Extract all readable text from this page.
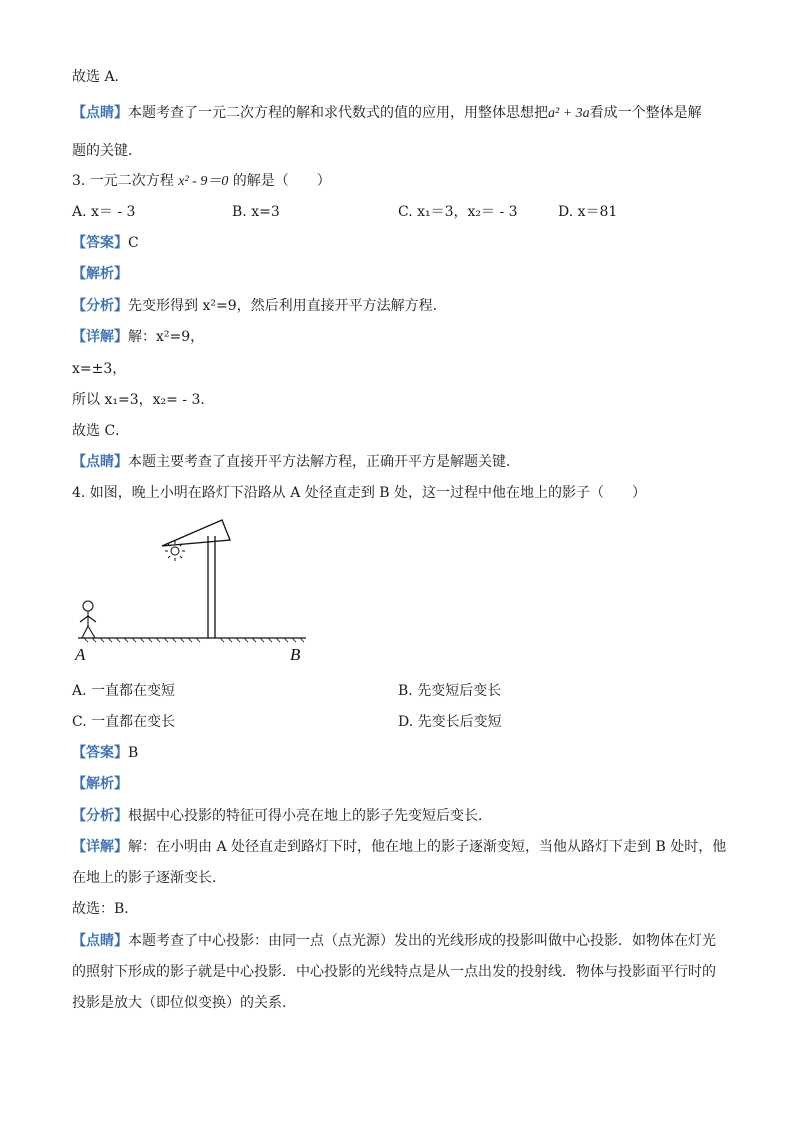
故选 A．
【点睛】本题考查了一元二次方程的解和求代数式的值的应用，用整体思想把a² + 3a看成一个整体是解
题的关键．
3. 一元二次方程 x² - 9＝0 的解是（　　）
A. x＝ - 3	B. x=3	C. x₁＝3，x₂＝ - 3	D. x＝81
【答案】C
【解析】
【分析】先变形得到 x²=9，然后利用直接开平方法解方程．
【详解】解：x²=9，
x=±3，
所以 x₁=3，x₂= - 3．
故选 C．
【点睛】本题主要考查了直接开平方法解方程，正确开平方是解题关键．
4. 如图，晚上小明在路灯下沿路从 A 处径直走到 B 处，这一过程中他在地上的影子（　　）
A	B
A. 一直都在变短	B. 先变短后变长
C. 一直都在变长	D. 先变长后变短
【答案】B
【解析】
【分析】根据中心投影的特征可得小亮在地上的影子先变短后变长．
【详解】解：在小明由 A 处径直走到路灯下时，他在地上的影子逐渐变短，当他从路灯下走到 B 处时，他
在地上的影子逐渐变长．
故选：B．
【点睛】本题考查了中心投影：由同一点（点光源）发出的光线形成的投影叫做中心投影．如物体在灯光
的照射下形成的影子就是中心投影．中心投影的光线特点是从一点出发的投射线．物体与投影面平行时的
投影是放大（即位似变换）的关系．
